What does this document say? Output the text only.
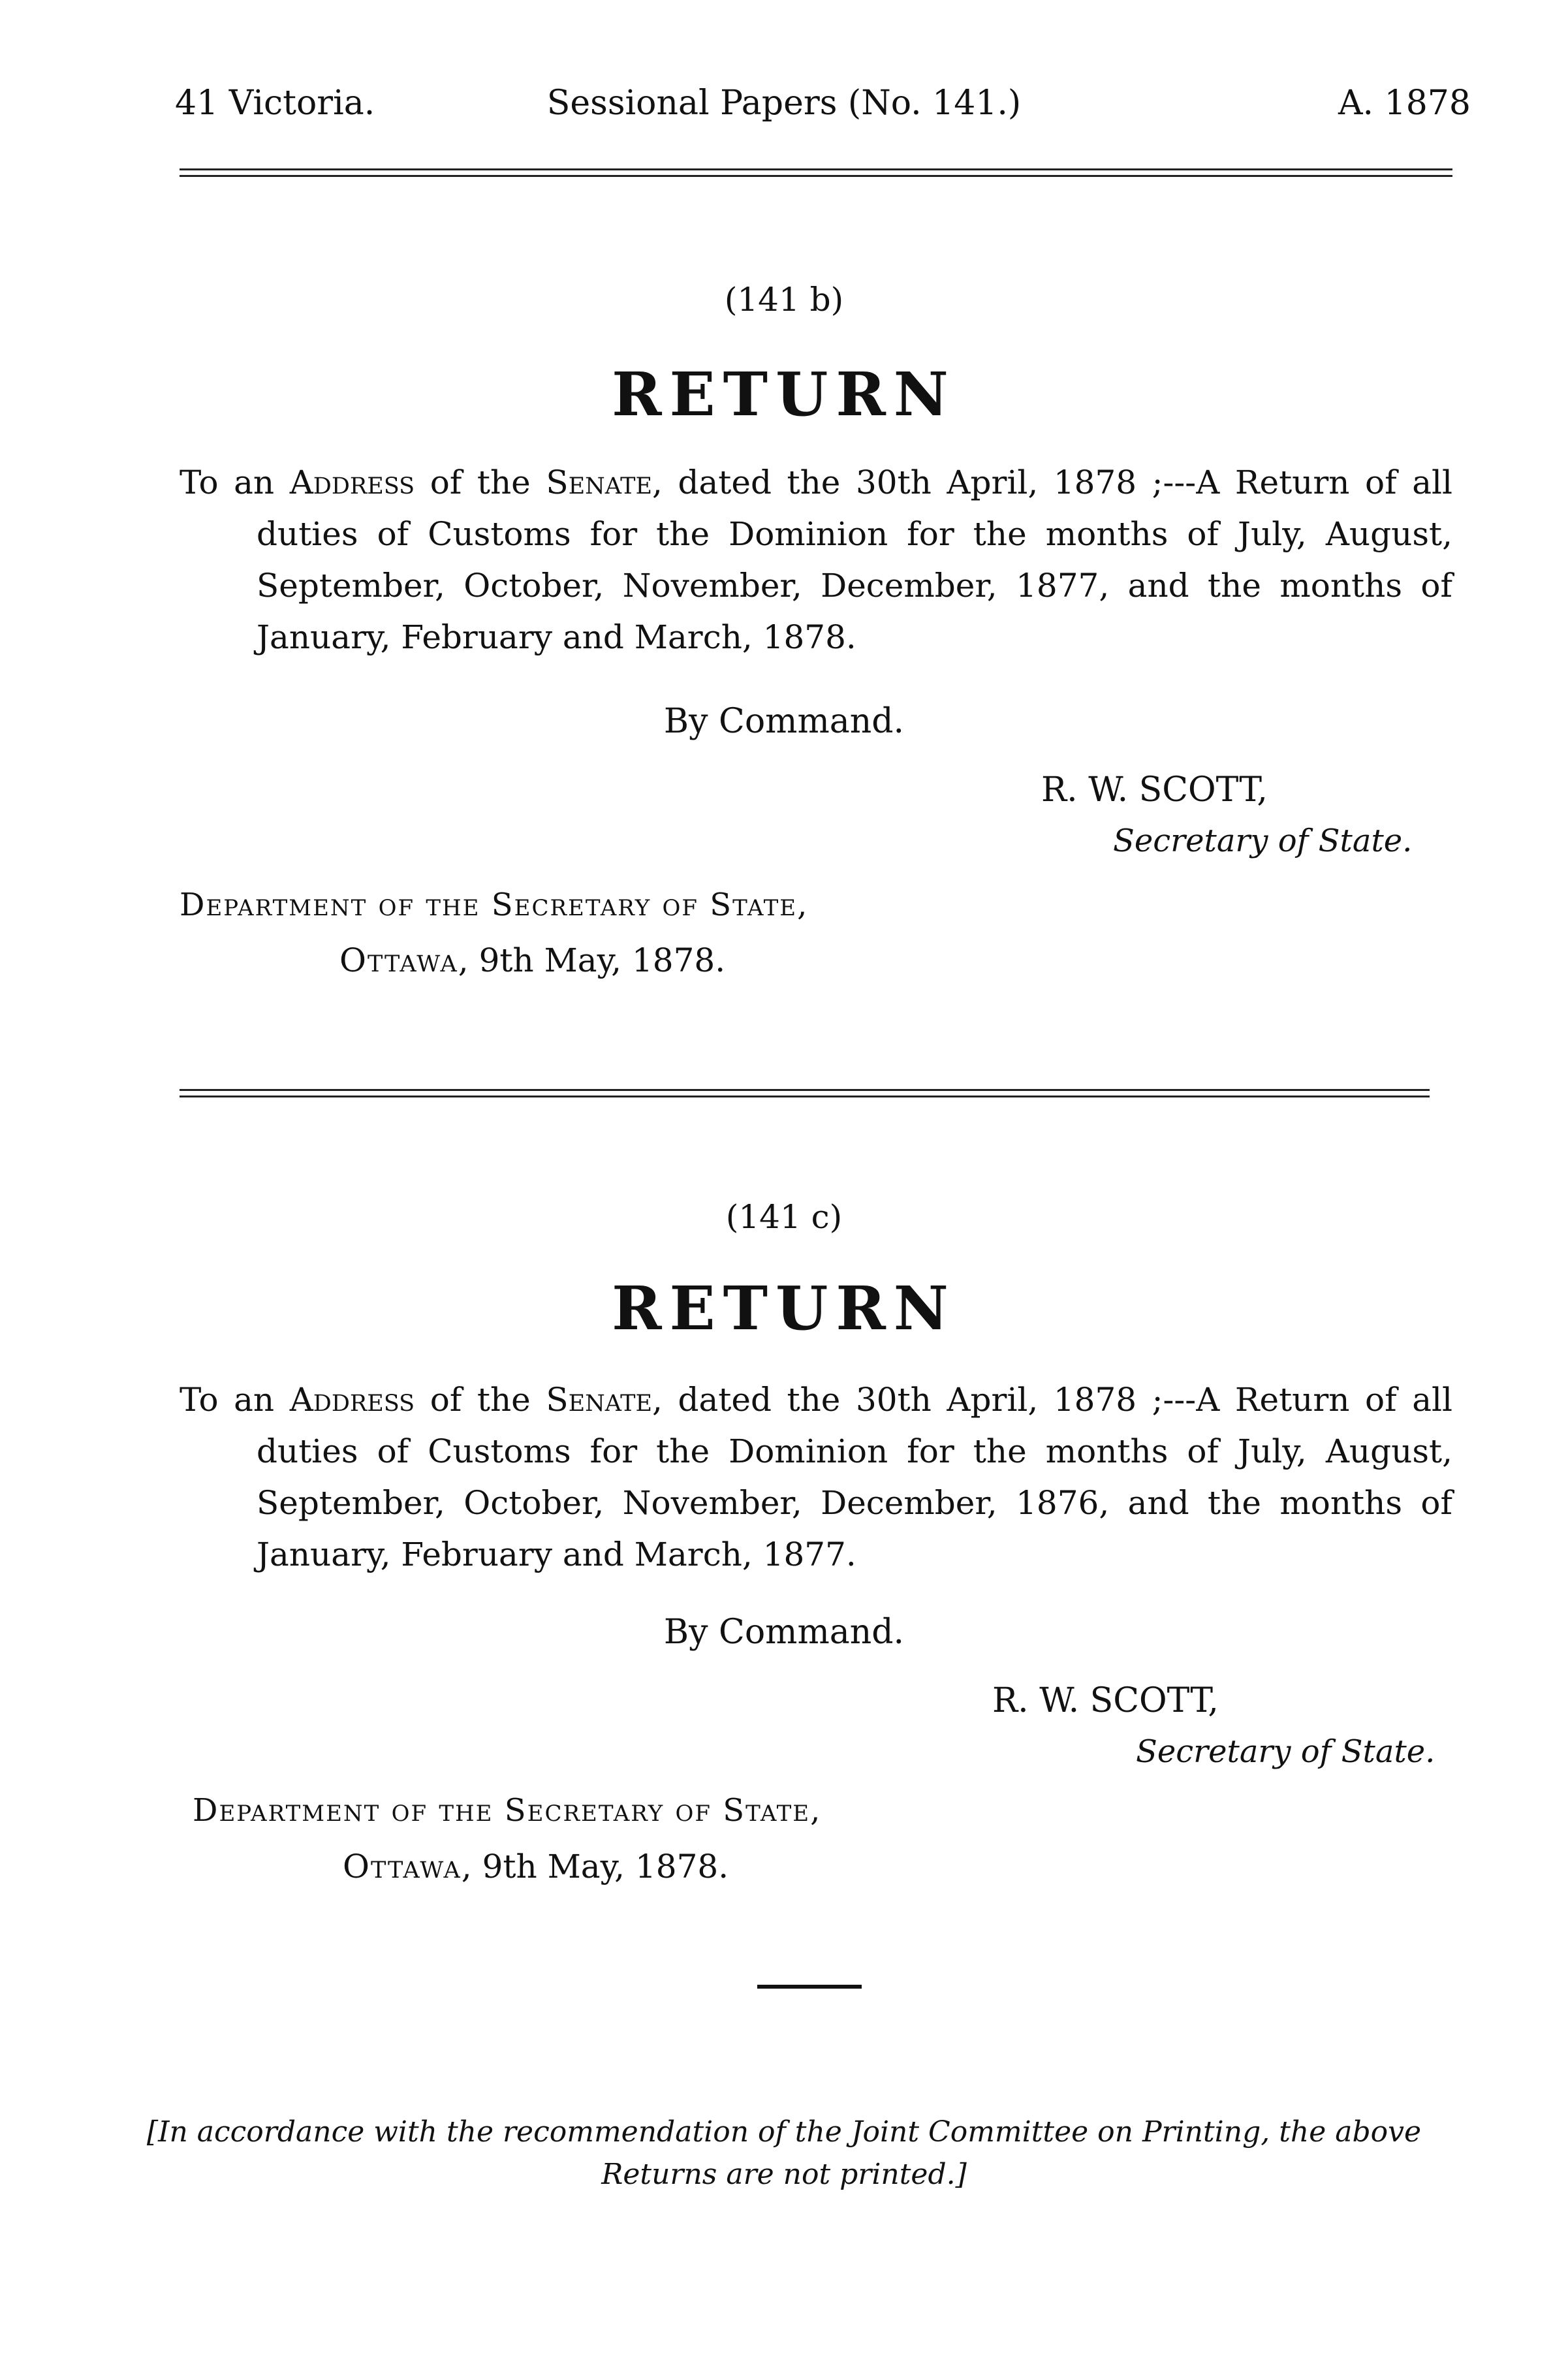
41 Victoria.	Sessional Papers (No. 141.)	A. 1878
(141 b)
RETURN
To an Address of the Senate, dated the 30th April, 1878 ;---A Return of all duties of Customs for the Dominion for the months of July, August, September, October, November, December, 1877, and the months of January, February and March, 1878.
By Command.
R. W. SCOTT,
Secretary of State.
Department of the Secretary of State,
Ottawa, 9th May, 1878.
(141 c)
RETURN
To an Address of the Senate, dated the 30th April, 1878 ;---A Return of all duties of Customs for the Dominion for the months of July, August, September, October, November, December, 1876, and the months of January, February and March, 1877.
By Command.
R. W. SCOTT,
Secretary of State.
Department of the Secretary of State,
Ottawa, 9th May, 1878.
[In accordance with the recommendation of the Joint Committee on Printing, the above
Returns are not printed.]
